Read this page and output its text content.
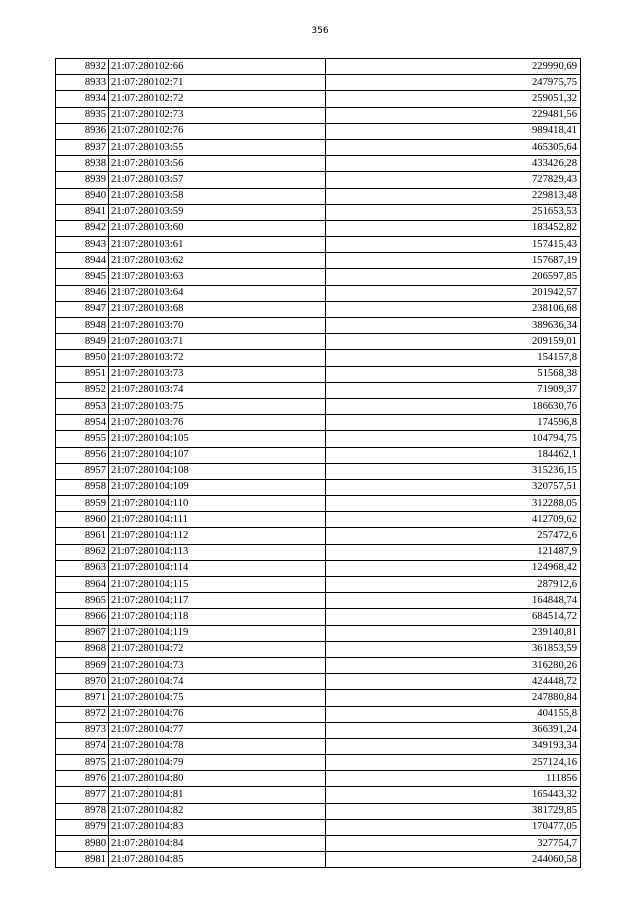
356
8932	21:07:280102:66	229990,69
8933	21:07:280102:71	247975,75
8934	21:07:280102:72	259051,32
8935	21:07:280102:73	229481,56
8936	21:07:280102:76	989418,41
8937	21:07:280103:55	465305,64
8938	21:07:280103:56	433426,28
8939	21:07:280103:57	727829,43
8940	21:07:280103:58	229813,48
8941	21:07:280103:59	251653,53
8942	21:07:280103:60	183452,82
8943	21:07:280103:61	157415,43
8944	21:07:280103:62	157687,19
8945	21:07:280103:63	206597,85
8946	21:07:280103:64	201942,57
8947	21:07:280103:68	238106,68
8948	21:07:280103:70	389636,34
8949	21:07:280103:71	209159,01
8950	21:07:280103:72	154157,8
8951	21:07:280103:73	51568,38
8952	21:07:280103:74	71909,37
8953	21:07:280103:75	186630,76
8954	21:07:280103:76	174596,8
8955	21:07:280104:105	104794,75
8956	21:07:280104:107	184462,1
8957	21:07:280104:108	315236,15
8958	21:07:280104:109	320757,51
8959	21:07:280104:110	312288,05
8960	21:07:280104:111	412709,62
8961	21:07:280104:112	257472,6
8962	21:07:280104:113	121487,9
8963	21:07:280104:114	124968,42
8964	21:07:280104:115	287912,6
8965	21:07:280104:117	164848,74
8966	21:07:280104:118	684514,72
8967	21:07:280104:119	239140,81
8968	21:07:280104:72	361853,59
8969	21:07:280104:73	316280,26
8970	21:07:280104:74	424448,72
8971	21:07:280104:75	247880,84
8972	21:07:280104:76	404155,8
8973	21:07:280104:77	366391,24
8974	21:07:280104:78	349193,34
8975	21:07:280104:79	257124,16
8976	21:07:280104:80	111856
8977	21:07:280104:81	165443,32
8978	21:07:280104:82	381729,85
8979	21:07:280104:83	170477,05
8980	21:07:280104:84	327754,7
8981	21:07:280104:85	244060,58
